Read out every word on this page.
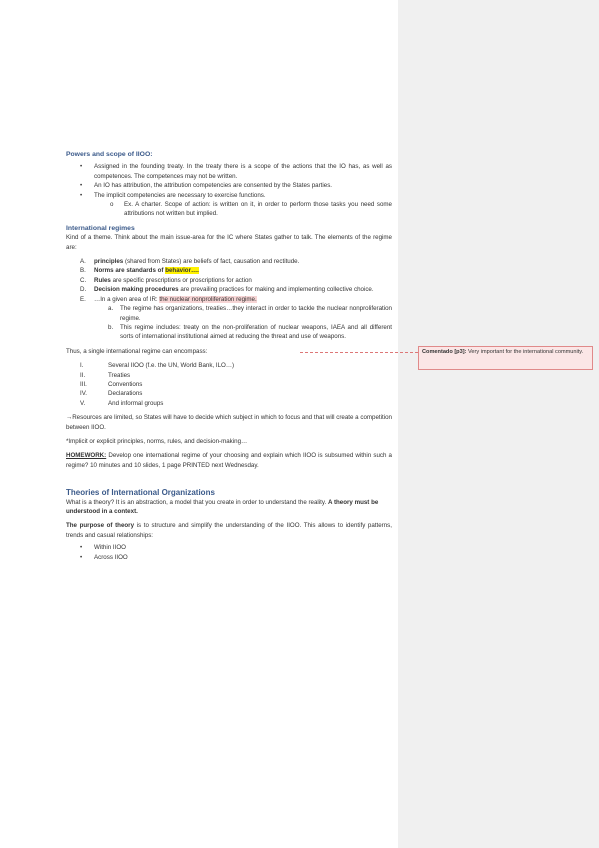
Comentado [p3]: Very important for the international community.

Powers and scope of IIOO:

• Assigned in the founding treaty. In the treaty there is a scope of the actions that the IO has, as well as competences. The competences may not be written.
• An IO has attribution, the attribution competencies are consented by the States parties.
• The implicit competencies are necessary to exercise functions.
o Ex. A charter. Scope of action: is written on it, in order to perform those tasks you need some attributions not written but implied.

International regimes

Kind of a theme. Think about the main issue-area for the IC where States gather to talk. The elements of the regime are:

A. principles (shared from States) are beliefs of fact, causation and rectitude.
B. Norms are standards of behavior….
C. Rules are specific prescriptions or proscriptions for action
D. Decision making procedures are prevailing practices for making and implementing collective choice.
E. …In a given area of IR: the nuclear nonproliferation regime.
a. The regime has organizations, treaties…they interact in order to tackle the nuclear nonproliferation regime.
b. This regime includes: treaty on the non-proliferation of nuclear weapons, IAEA and all different sorts of international institutional aimed at reducing the threat and use of weapons.

Thus, a single international regime can encompass:

I.	Several IIOO (f.e. the UN, World Bank, ILO…)
II.	Treaties
III.	Conventions
IV.	Declarations
V.	And informal groups

→Resources are limited, so States will have to decide which subject in which to focus and that will create a competition between IIOO.

*Implicit or explicit principles, norms, rules, and decision-making…

HOMEWORK: Develop one international regime of your choosing and explain which IIOO is subsumed within such a regime? 10 minutes and 10 slides, 1 page PRINTED next Wednesday.

Theories of International Organizations

What is a theory? It is an abstraction, a model that you create in order to understand the reality. A theory must be understood in a context.

The purpose of theory is to structure and simplify the understanding of the IIOO. This allows to identify patterns, trends and casual relationships:

• Within IIOO
• Across IIOO
